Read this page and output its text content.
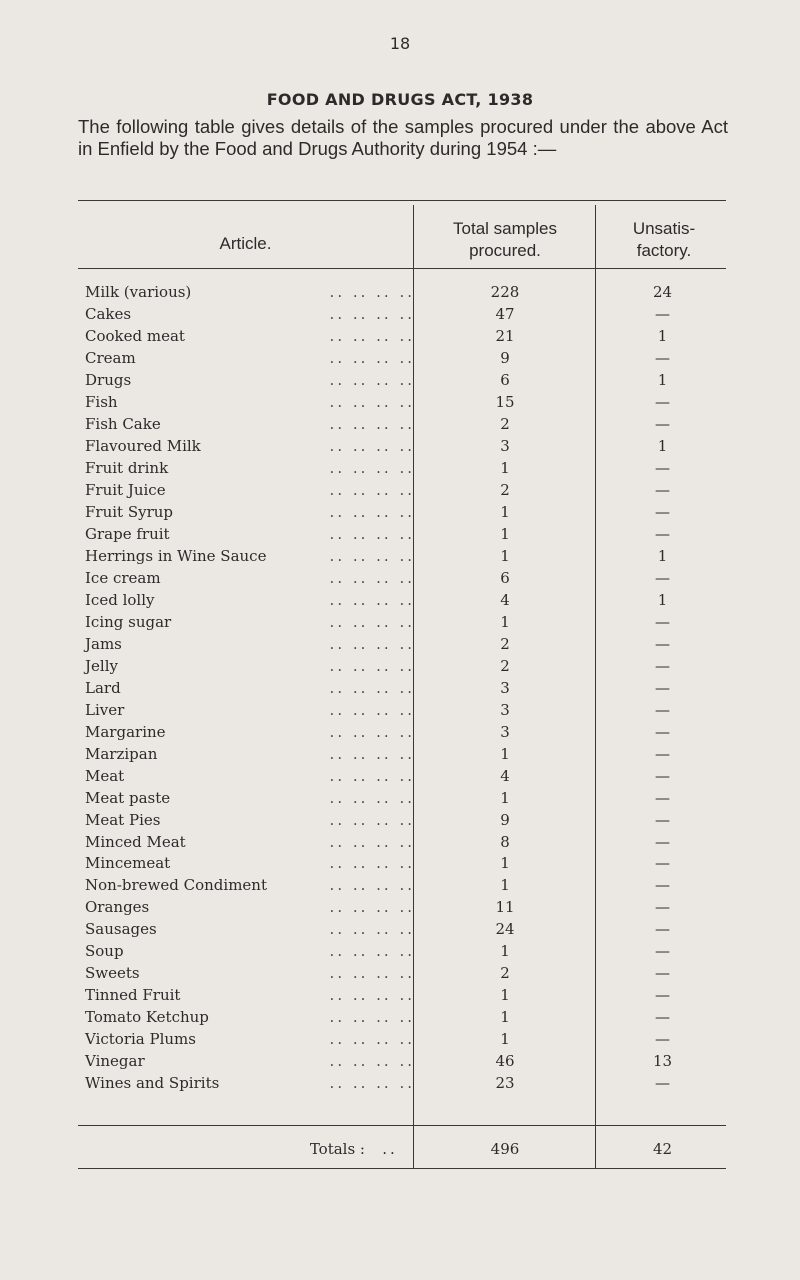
18
FOOD AND DRUGS ACT, 1938
The following table gives details of the samples procured under the above Act in Enfield by the Food and Drugs Authority during 1954 :—
Article.
Total samples procured.
Unsatis- factory.
.. .. .. ..
Milk (various)	228	24
.. .. .. ..
Cakes	47	—
.. .. .. ..
Cooked meat	21	1
.. .. .. ..
Cream	9	—
.. .. .. ..
Drugs	6	1
.. .. .. ..
Fish	15	—
.. .. .. ..
Fish Cake	2	—
.. .. .. ..
Flavoured Milk	3	1
.. .. .. ..
Fruit drink	1	—
.. .. .. ..
Fruit Juice	2	—
.. .. .. ..
Fruit Syrup	1	—
.. .. .. ..
Grape fruit	1	—
.. .. .. ..
Herrings in Wine Sauce	1	1
.. .. .. ..
Ice cream	6	—
.. .. .. ..
Iced lolly	4	1
.. .. .. ..
Icing sugar	1	—
.. .. .. ..
Jams	2	—
.. .. .. ..
Jelly	2	—
.. .. .. ..
Lard	3	—
.. .. .. ..
Liver	3	—
.. .. .. ..
Margarine	3	—
.. .. .. ..
Marzipan	1	—
.. .. .. ..
Meat	4	—
.. .. .. ..
Meat paste	1	—
.. .. .. ..
Meat Pies	9	—
.. .. .. ..
Minced Meat	8	—
.. .. .. ..
Mincemeat	1	—
.. .. .. ..
Non-brewed Condiment	1	—
.. .. .. ..
Oranges	11	—
.. .. .. ..
Sausages	24	—
.. .. .. ..
Soup	1	—
.. .. .. ..
Sweets	2	—
.. .. .. ..
Tinned Fruit	1	—
.. .. .. ..
Tomato Ketchup	1	—
.. .. .. ..
Victoria Plums	1	—
.. .. .. ..
Vinegar	46	13
.. .. .. ..
Wines and Spirits	23	—
Totals :	..	496	42
